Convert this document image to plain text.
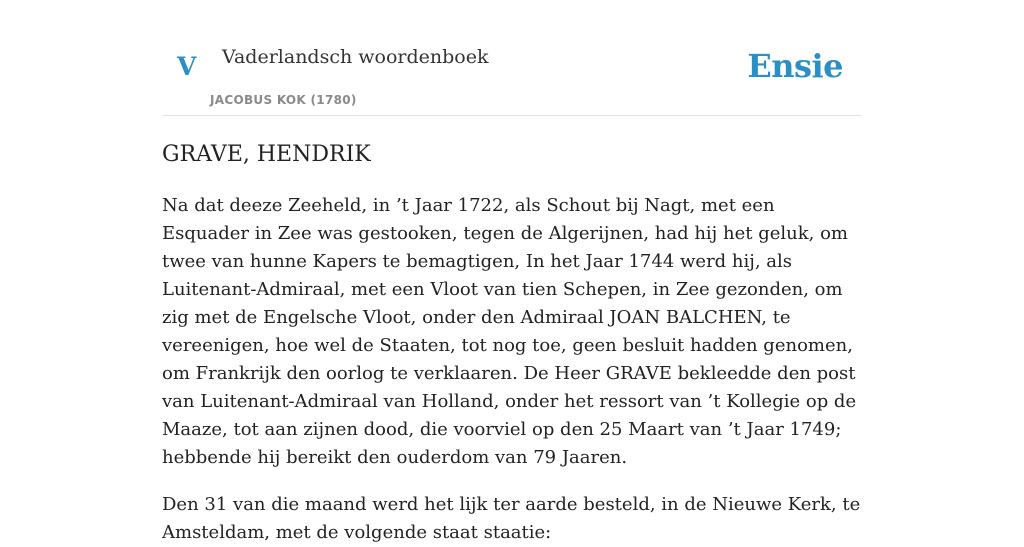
V Vaderlandsch woordenboek
JACOBUS KOK (1780)
Ensie
GRAVE, HENDRIK

Na dat deeze Zeeheld, in ’t Jaar 1722, als Schout bij Nagt, met een Esquader in Zee was gestooken, tegen de Algerijnen, had hij het geluk, om twee van hunne Kapers te bemagtigen, In het Jaar 1744 werd hij, als Luitenant-Admiraal, met een Vloot van tien Schepen, in Zee gezonden, om zig met de Engelsche Vloot, onder den Admiraal JOAN BALCHEN, te vereenigen, hoe wel de Staaten, tot nog toe, geen besluit hadden genomen, om Frankrijk den oorlog te verklaaren. De Heer GRAVE bekleedde den post van Luitenant-Admiraal van Holland, onder het ressort van ’t Kollegie op de Maaze, tot aan zijnen dood, die voorviel op den 25 Maart van ’t Jaar 1749; hebbende hij bereikt den ouderdom van 79 Jaaren.

Den 31 van die maand werd het lijk ter aarde besteld, in de Nieuwe Kerk, te Amsteldam, met de volgende staat staatie:
